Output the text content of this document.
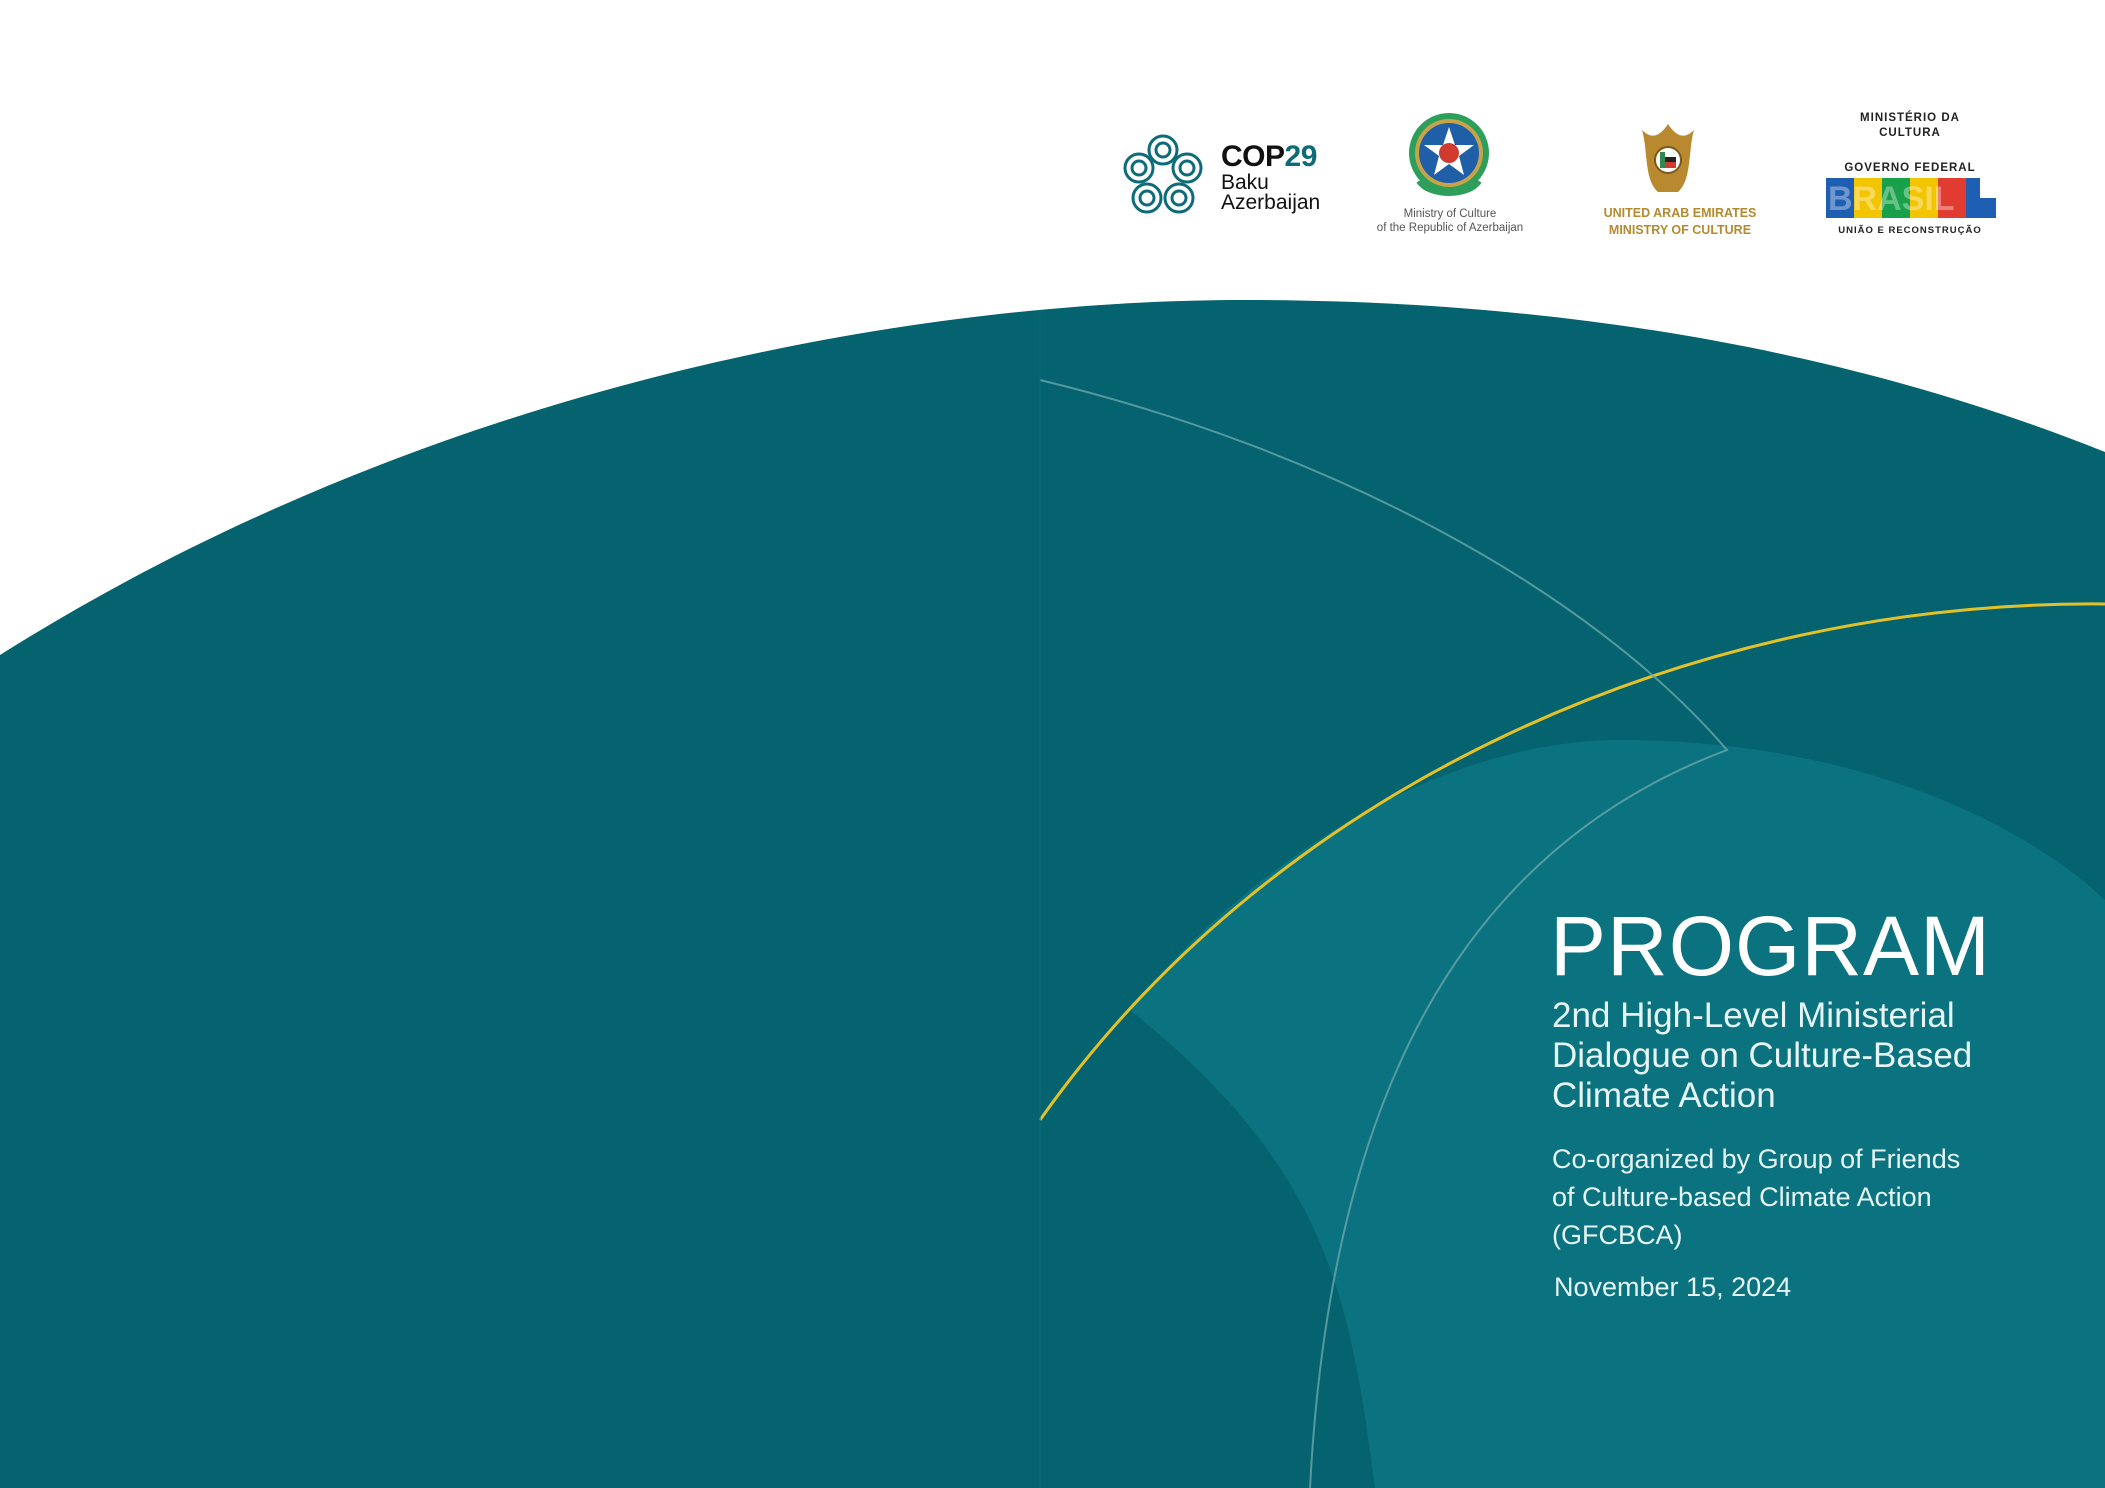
BRASIL
COP29
Baku
Azerbaijan	Ministry of Culture
of the Republic of Azerbaijan
UNITED ARAB EMIRATES
MINISTRY OF CULTURE
MINISTÉRIO DA
CULTURA
GOVERNO FEDERAL
UNIÃO E RECONSTRUÇÃO
PROGRAM
2nd High-Level Ministerial
Dialogue on Culture-Based
Climate Action
Co-organized by Group of Friends
of Culture-based Climate Action
(GFCBCA)
November 15, 2024
